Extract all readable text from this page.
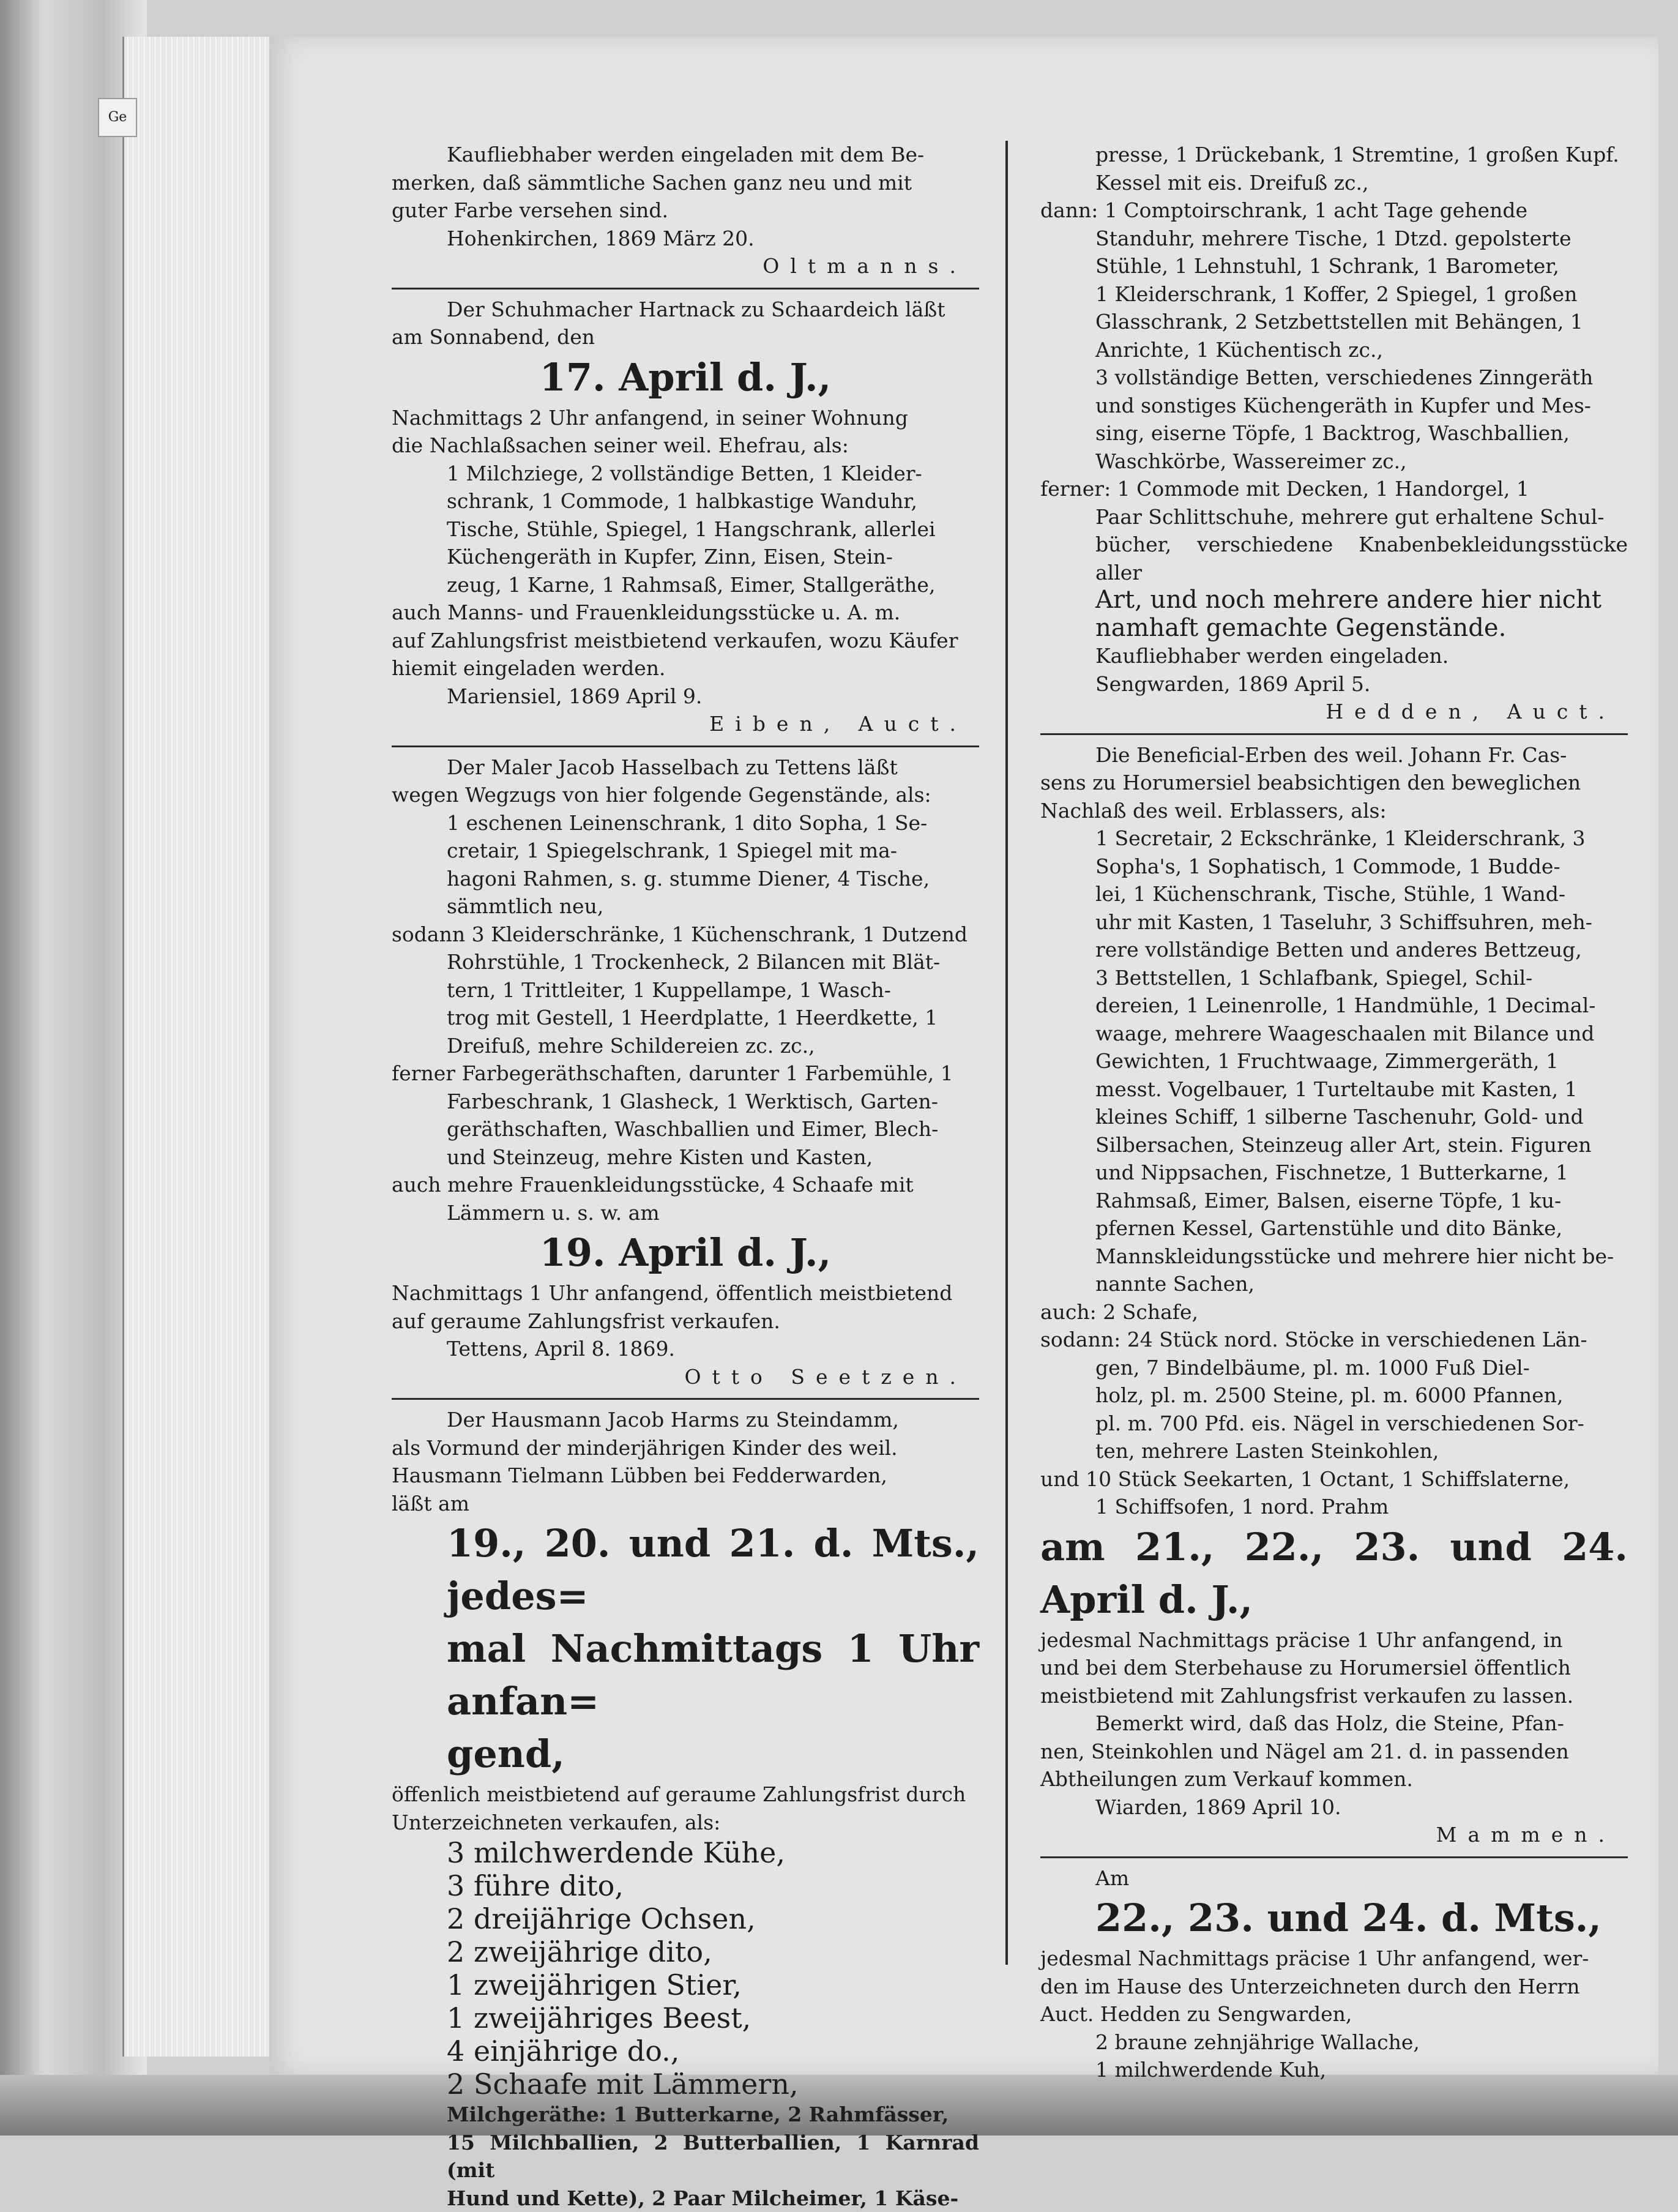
Ge

Kaufliebhaber werden eingeladen mit dem Be-

merken, daß sämmtliche Sachen ganz neu und mit

guter Farbe versehen sind.

Hohenkirchen, 1869 März 20.

Oltmanns.

Der Schuhmacher Hartnack zu Schaardeich läßt

am Sonnabend, den

17. April d. J.,

Nachmittags 2 Uhr anfangend, in seiner Wohnung

die Nachlaßsachen seiner weil. Ehefrau, als:

1 Milchziege, 2 vollständige Betten, 1 Kleider-

schrank, 1 Commode, 1 halbkastige Wanduhr,

Tische, Stühle, Spiegel, 1 Hangschrank, allerlei

Küchengeräth in Kupfer, Zinn, Eisen, Stein-

zeug, 1 Karne, 1 Rahmsaß, Eimer, Stallgeräthe,

auch Manns- und Frauenkleidungsstücke u. A. m.

auf Zahlungsfrist meistbietend verkaufen, wozu Käufer

hiemit eingeladen werden.

Mariensiel, 1869 April 9.

Eiben, Auct.

Der Maler Jacob Hasselbach zu Tettens läßt

wegen Wegzugs von hier folgende Gegenstände, als:

1 eschenen Leinenschrank, 1 dito Sopha, 1 Se-

cretair, 1 Spiegelschrank, 1 Spiegel mit ma-

hagoni Rahmen, s. g. stumme Diener, 4 Tische,

sämmtlich neu,

sodann 3 Kleiderschränke, 1 Küchenschrank, 1 Dutzend

Rohrstühle, 1 Trockenheck, 2 Bilancen mit Blät-

tern, 1 Trittleiter, 1 Kuppellampe, 1 Wasch-

trog mit Gestell, 1 Heerdplatte, 1 Heerdkette, 1

Dreifuß, mehre Schildereien zc. zc.,

ferner Farbegeräthschaften, darunter 1 Farbemühle, 1

Farbeschrank, 1 Glasheck, 1 Werktisch, Garten-

geräthschaften, Waschballien und Eimer, Blech-

und Steinzeug, mehre Kisten und Kasten,

auch mehre Frauenkleidungsstücke, 4 Schaafe mit

Lämmern u. s. w. am

19. April d. J.,

Nachmittags 1 Uhr anfangend, öffentlich meistbietend

auf geraume Zahlungsfrist verkaufen.

Tettens, April 8. 1869.

Otto Seetzen.

Der Hausmann Jacob Harms zu Steindamm,

als Vormund der minderjährigen Kinder des weil.

Hausmann Tielmann Lübben bei Fedderwarden,

läßt am

19., 20. und 21. d. Mts., jedes=

mal Nachmittags 1 Uhr anfan=

gend,

öffenlich meistbietend auf geraume Zahlungsfrist durch

Unterzeichneten verkaufen, als:

3 milchwerdende Kühe,

3 führe dito,

2 dreijährige Ochsen,

2 zweijährige dito,

1 zweijährigen Stier,

1 zweijähriges Beest,

4 einjährige do.,

2 Schaafe mit Lämmern,

Milchgeräthe: 1 Butterkarne, 2 Rahmfässer,

15 Milchballien, 2 Butterballien, 1 Karnrad (mit

Hund und Kette), 2 Paar Milcheimer, 1 Käse-

presse, 1 Drückebank, 1 Stremtine, 1 großen Kupf.

Kessel mit eis. Dreifuß zc.,

dann: 1 Comptoirschrank, 1 acht Tage gehende

Standuhr, mehrere Tische, 1 Dtzd. gepolsterte

Stühle, 1 Lehnstuhl, 1 Schrank, 1 Barometer,

1 Kleiderschrank, 1 Koffer, 2 Spiegel, 1 großen

Glasschrank, 2 Setzbettstellen mit Behängen, 1

Anrichte, 1 Küchentisch zc.,

3 vollständige Betten, verschiedenes Zinngeräth

und sonstiges Küchengeräth in Kupfer und Mes-

sing, eiserne Töpfe, 1 Backtrog, Waschballien,

Waschkörbe, Wassereimer zc.,

ferner: 1 Commode mit Decken, 1 Handorgel, 1

Paar Schlittschuhe, mehrere gut erhaltene Schul-

bücher, verschiedene Knabenbekleidungsstücke aller

Art, und noch mehrere andere hier nicht

namhaft gemachte Gegenstände.

Kaufliebhaber werden eingeladen.

Sengwarden, 1869 April 5.

Hedden, Auct.

Die Beneficial-Erben des weil. Johann Fr. Cas-

sens zu Horumersiel beabsichtigen den beweglichen

Nachlaß des weil. Erblassers, als:

1 Secretair, 2 Eckschränke, 1 Kleiderschrank, 3

Sopha's, 1 Sophatisch, 1 Commode, 1 Budde-

lei, 1 Küchenschrank, Tische, Stühle, 1 Wand-

uhr mit Kasten, 1 Taseluhr, 3 Schiffsuhren, meh-

rere vollständige Betten und anderes Bettzeug,

3 Bettstellen, 1 Schlafbank, Spiegel, Schil-

dereien, 1 Leinenrolle, 1 Handmühle, 1 Decimal-

waage, mehrere Waageschaalen mit Bilance und

Gewichten, 1 Fruchtwaage, Zimmergeräth, 1

messt. Vogelbauer, 1 Turteltaube mit Kasten, 1

kleines Schiff, 1 silberne Taschenuhr, Gold- und

Silbersachen, Steinzeug aller Art, stein. Figuren

und Nippsachen, Fischnetze, 1 Butterkarne, 1

Rahmsaß, Eimer, Balsen, eiserne Töpfe, 1 ku-

pfernen Kessel, Gartenstühle und dito Bänke,

Mannskleidungsstücke und mehrere hier nicht be-

nannte Sachen,

auch: 2 Schafe,

sodann: 24 Stück nord. Stöcke in verschiedenen Län-

gen, 7 Bindelbäume, pl. m. 1000 Fuß Diel-

holz, pl. m. 2500 Steine, pl. m. 6000 Pfannen,

pl. m. 700 Pfd. eis. Nägel in verschiedenen Sor-

ten, mehrere Lasten Steinkohlen,

und 10 Stück Seekarten, 1 Octant, 1 Schiffslaterne,

1 Schiffsofen, 1 nord. Prahm

am 21., 22., 23. und 24. April d. J.,

jedesmal Nachmittags präcise 1 Uhr anfangend, in

und bei dem Sterbehause zu Horumersiel öffentlich

meistbietend mit Zahlungsfrist verkaufen zu lassen.

Bemerkt wird, daß das Holz, die Steine, Pfan-

nen, Steinkohlen und Nägel am 21. d. in passenden

Abtheilungen zum Verkauf kommen.

Wiarden, 1869 April 10.

Mammen.

Am

22., 23. und 24. d. Mts.,

jedesmal Nachmittags präcise 1 Uhr anfangend, wer-

den im Hause des Unterzeichneten durch den Herrn

Auct. Hedden zu Sengwarden,

2 braune zehnjährige Wallache,

1 milchwerdende Kuh,
